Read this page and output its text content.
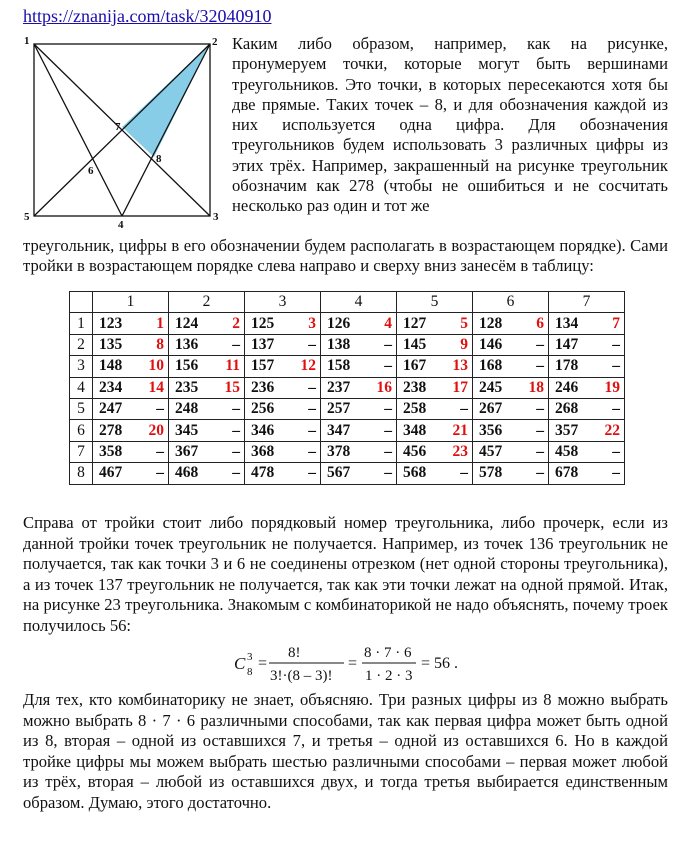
https://znanija.com/task/32040910
1	2
3
4
5
6
7
8

Каким либо образом, например, как на рисунке, пронумеруем точки, которые могут быть вершинами треугольников. Это точки, в которых пересекаются хотя бы две прямые. Таких точек – 8, и для обозначения каждой из них используется одна цифра. Для обозначения треугольников будем использовать 3 различных цифры из этих трёх. Например, закрашенный на рисунке треугольник обозначим как 278 (чтобы не ошибиться и не сосчитать несколько раз один и тот же

треугольник, цифры в его обозначении будем располагать в возрастающем порядке). Сами тройки в возрастающем порядке слева направо и сверху вниз занесём в таблицу:

	1	2	3	4	5	6	7
1	123 1	124 2	125 3	126 4	127 5	128 6	134 7

2	135 8	136 –	137 –	138 –	145 9	146 –	147 –

3	148 10	156 11	157 12	158 –	167 13	168 –	178 –

4	234 14	235 15	236 –	237 16	238 17	245 18	246 19

5	247 –	248 –	256 –	257 –	258 –	267 –	268 –

6	278 20	345 –	346 –	347 –	348 21	356 –	357 22

7	358 –	367 –	368 –	378 –	456 23	457 –	458 –

8	467 –	468 –	478 –	567 –	568 –	578 –	678 –

Справа от тройки стоит либо порядковый номер треугольника, либо прочерк, если из данной тройки точек треугольник не получается. Например, из точек 136 треугольник не получается, так как точки 3 и 6 не соединены отрезком (нет одной стороны треугольника), а из точек 137 треугольник не получается, так как эти точки лежат на одной прямой. Итак, на рисунке 23 треугольника. Знакомым с комбинаторикой не надо объяснять, почему троек получилось 56:

C 3
8 =
8!
3!·(8 – 3)!
=
8 · 7 · 6
1 · 2 · 3
= 56 .

Для тех, кто комбинаторику не знает, объясняю. Три разных цифры из 8 можно выбрать можно выбрать 8 · 7 · 6 различными способами, так как первая цифра может быть одной из 8, вторая – одной из оставшихся 7, и третья – одной из оставшихся 6. Но в каждой тройке цифры мы можем выбрать шестью различными способами – первая может любой из трёх, вторая – любой из оставшихся двух, и тогда третья выбирается единственным образом. Думаю, этого достаточно.
